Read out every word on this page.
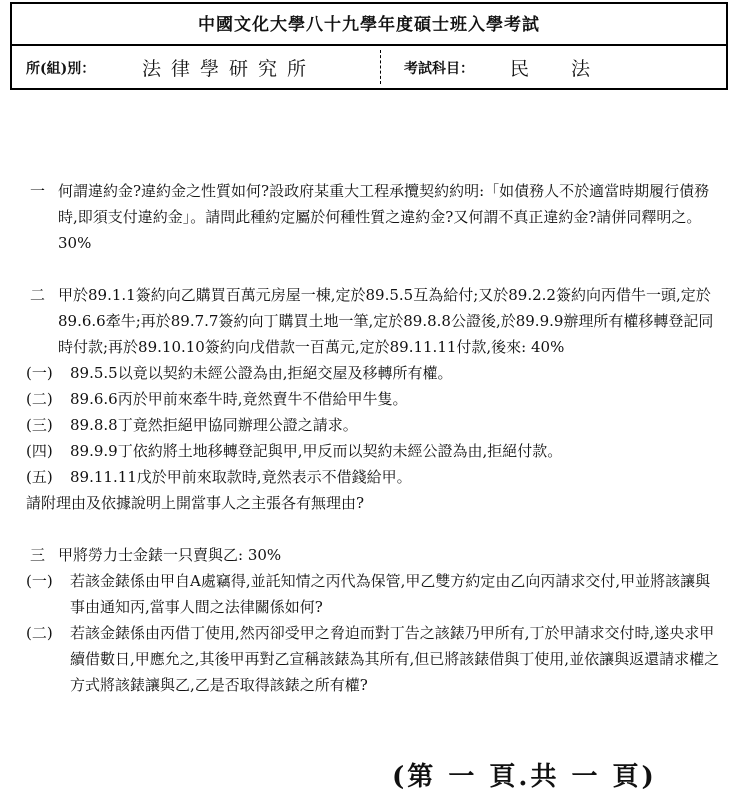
中國文化大學八十九學年度碩士班入學考試
所(組)別： 法律學研究所	考試科目： 民法
一 何謂違約金?違約金之性質如何?設政府某重大工程承攬契約約明:「如債務人不於適當時期履行債務時,即須支付違約金」。請問此種約定屬於何種性質之違約金?又何謂不真正違約金?請併同釋明之。30%
二 甲於89.1.1簽約向乙購買百萬元房屋一棟,定於89.5.5互為給付;又於89.2.2簽約向丙借牛一頭,定於89.6.6牽牛;再於89.7.7簽約向丁購買土地一筆,定於89.8.8公證後,於89.9.9辦理所有權移轉登記同時付款;再於89.10.10簽約向戊借款一百萬元,定於89.11.11付款,後來: 40%
(一)	89.5.5以竟以契約未經公證為由,拒絕交屋及移轉所有權。
(二)	89.6.6丙於甲前來牽牛時,竟然賣牛不借給甲牛隻。
(三)	89.8.8丁竟然拒絕甲協同辦理公證之請求。
(四)	89.9.9丁依約將土地移轉登記與甲,甲反而以契約未經公證為由,拒絕付款。
(五)	89.11.11戊於甲前來取款時,竟然表示不借錢給甲。
請附理由及依據說明上開當事人之主張各有無理由?
三 甲將勞力士金錶一只賣與乙: 30%
(一)	若該金錶係由甲自A處竊得,並託知情之丙代為保管,甲乙雙方約定由乙向丙請求交付,甲並將該讓與事由通知丙,當事人間之法律關係如何?
(二)	若該金錶係由丙借丁使用,然丙卻受甲之脅迫而對丁告之該錶乃甲所有,丁於甲請求交付時,遂央求甲續借數日,甲應允之,其後甲再對乙宣稱該錶為其所有,但已將該錶借與丁使用,並依讓與返還請求權之方式將該錶讓與乙,乙是否取得該錶之所有權?
(第 一 頁.共 一 頁)
